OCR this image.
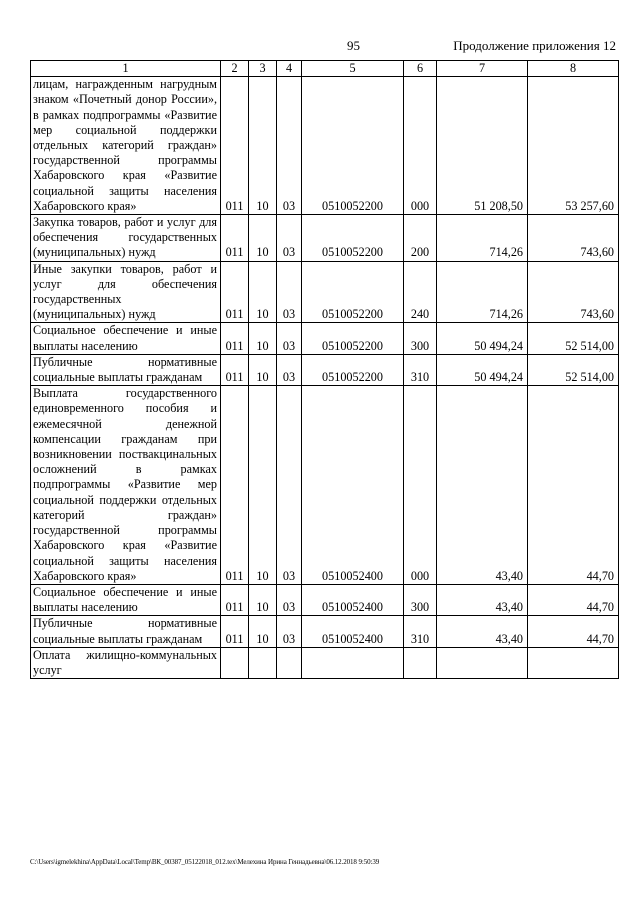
95	Продолжение приложения 12
1	2	3	4	5	6	7	8
лицам, награжденным нагрудным знаком «Почетный донор России», в рамках подпрограммы «Развитие мер социальной поддержки отдельных категорий граждан» государственной программы Хабаровского края «Развитие социальной защиты населения Хабаровского края»	011	10	03	0510052200	000	51 208,50	53 257,60
Закупка товаров, работ и услуг для обеспечения государственных (муниципальных) нужд	011	10	03	0510052200	200	714,26	743,60
Иные закупки товаров, работ и услуг для обеспечения государственных (муниципальных) нужд	011	10	03	0510052200	240	714,26	743,60
Социальное обеспечение и иные выплаты населению	011	10	03	0510052200	300	50 494,24	52 514,00
Публичные нормативные социальные выплаты гражданам	011	10	03	0510052200	310	50 494,24	52 514,00
Выплата государственного единовременного пособия и ежемесячной денежной компенсации гражданам при возникновении поствакцинальных осложнений в рамках подпрограммы «Развитие мер социальной поддержки отдельных категорий граждан» государственной программы Хабаровского края «Развитие социальной защиты населения Хабаровского края»	011	10	03	0510052400	000	43,40	44,70
Социальное обеспечение и иные выплаты населению	011	10	03	0510052400	300	43,40	44,70
Публичные нормативные социальные выплаты гражданам	011	10	03	0510052400	310	43,40	44,70
Оплата жилищно-коммунальных услуг							
C:\Users\igmelekhina\AppData\Local\Temp\ВК_00387_05122018_012.tex\Мелехина Ирина Геннадьевна\06.12.2018 9:50:39
